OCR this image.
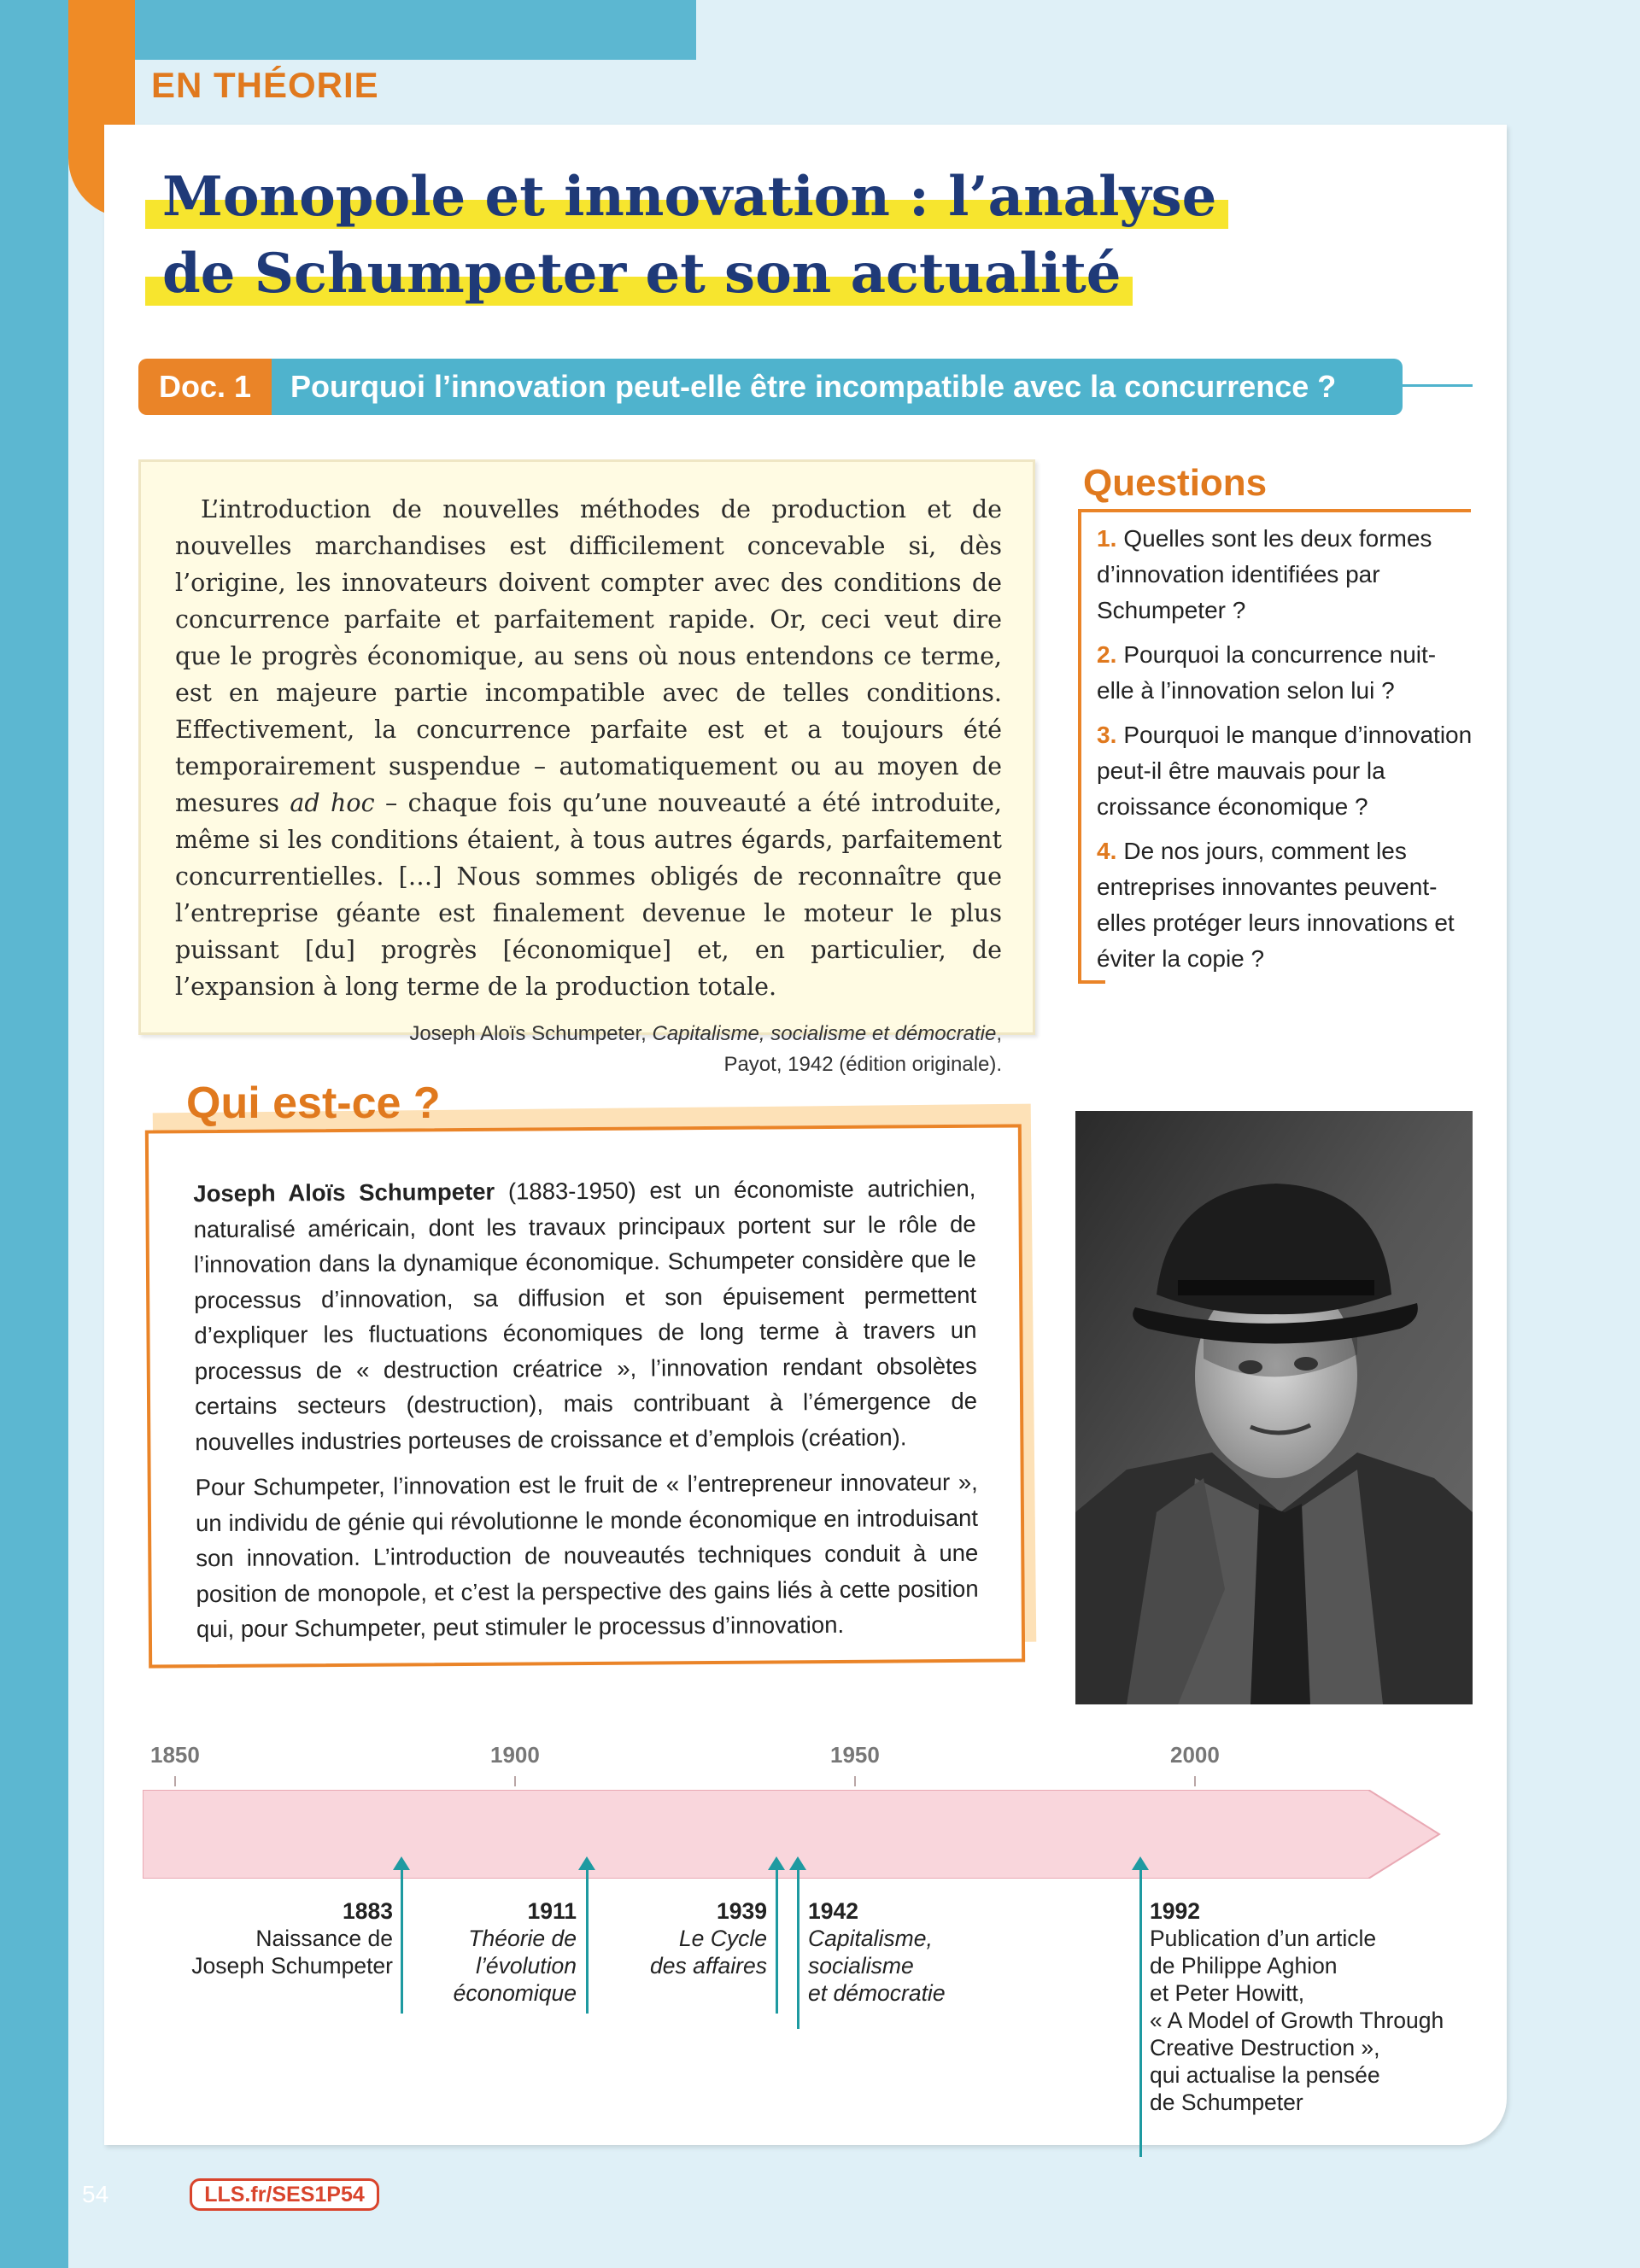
EN THÉORIE
Monopole et innovation : l’analyse
de Schumpeter et son actualité
Doc. 1	Pourquoi l’innovation peut-elle être incompatible avec la concurrence ?

L’introduction de nouvelles méthodes de production et de nouvelles marchandises est difficilement concevable si, dès l’origine, les innovateurs doivent compter avec des conditions de concurrence parfaite et parfaitement rapide. Or, ceci veut dire que le progrès économique, au sens où nous entendons ce terme, est en majeure partie incompatible avec de telles conditions. Effectivement, la concurrence parfaite est et a toujours été temporairement suspendue – automatiquement ou au moyen de mesures ad hoc – chaque fois qu’une nouveauté a été introduite, même si les conditions étaient, à tous autres égards, parfaitement concurrentielles. […] Nous sommes obligés de reconnaître que l’entreprise géante est finalement devenue le moteur le plus puissant [du] progrès [économique] et, en particulier, de l’expansion à long terme de la production totale.

Joseph Aloïs Schumpeter, Capitalisme, socialisme et démocratie,
Payot, 1942 (édition originale).
Questions
1. Quelles sont les deux formes d’innovation identifiées par Schumpeter ?
2. Pourquoi la concurrence nuit-elle à l’innovation selon lui ?
3. Pourquoi le manque d’innovation peut-il être mauvais pour la croissance économique ?
4. De nos jours, comment les entreprises innovantes peuvent-elles protéger leurs innovations et éviter la copie ?

Joseph Aloïs Schumpeter (1883-1950) est un économiste autrichien, naturalisé américain, dont les travaux principaux portent sur le rôle de l’innovation dans la dynamique économique. Schumpeter considère que le processus d’innovation, sa diffusion et son épuisement permettent d’expliquer les fluctuations économiques de long terme à travers un processus de « destruction créatrice », l’innovation rendant obsolètes certains secteurs (destruction), mais contribuant à l’émergence de nouvelles industries porteuses de croissance et d’emplois (création).

Pour Schumpeter, l’innovation est le fruit de « l’entrepreneur innovateur », un individu de génie qui révolutionne le monde économique en introduisant son innovation. L’introduction de nouveautés techniques conduit à une position de monopole, et c’est la perspective des gains liés à cette position qui, pour Schumpeter, peut stimuler le processus d’innovation.

Qui est-ce ?
1850	1900	1950	2000
1883
Naissance de
Joseph Schumpeter
1911
Théorie de
l’évolution
économique
1939
Le Cycle
des affaires
1942
Capitalisme,
socialisme
et démocratie
1992
Publication d’un article
de Philippe Aghion
et Peter Howitt,
« A Model of Growth Through
Creative Destruction »,
qui actualise la pensée
de Schumpeter
54	LLS.fr/SES1P54
